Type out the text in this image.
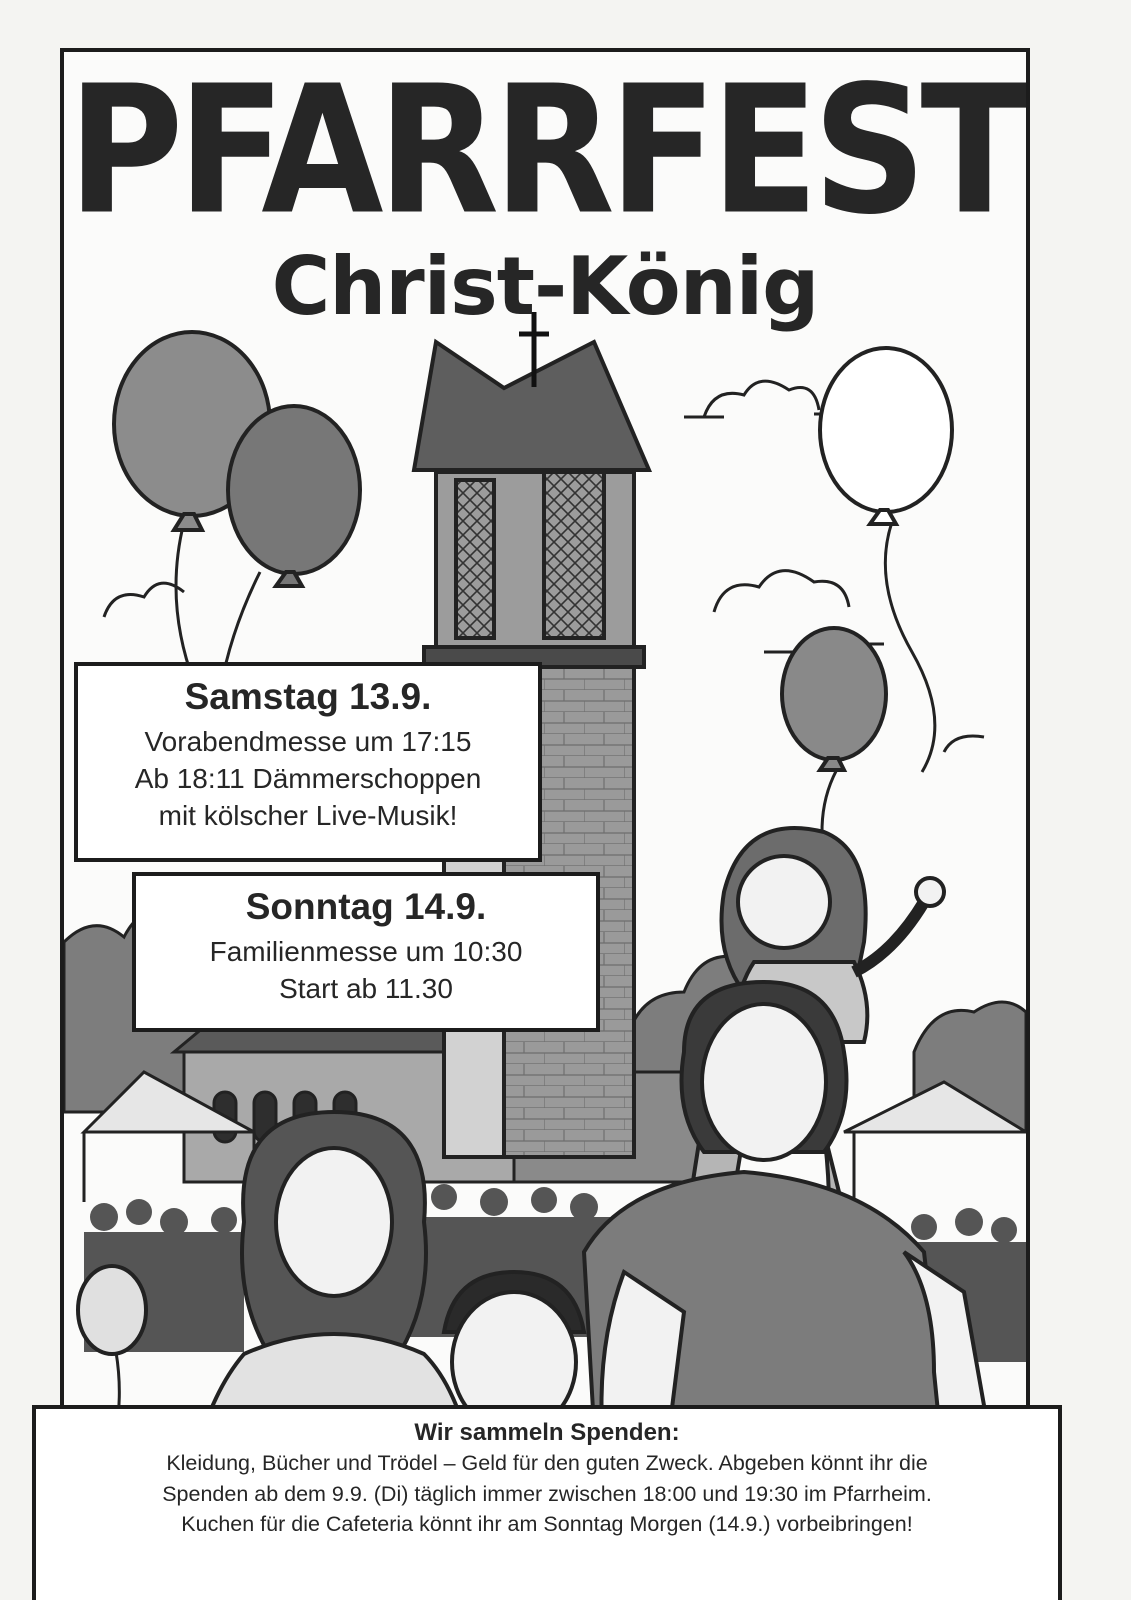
PFARRFEST
Christ-König
Samstag 13.9.
Vorabendmesse um 17:15
Ab 18:11 Dämmerschoppen
mit kölscher Live-Musik!
Sonntag 14.9.
Familienmesse um 10:30
Start ab 11.30
Wir sammeln Spenden:
Kleidung, Bücher und Trödel – Geld für den guten Zweck. Abgeben könnt ihr die
Spenden ab dem 9.9. (Di) täglich immer zwischen 18:00 und 19:30 im Pfarrheim.
Kuchen für die Cafeteria könnt ihr am Sonntag Morgen (14.9.) vorbeibringen!
